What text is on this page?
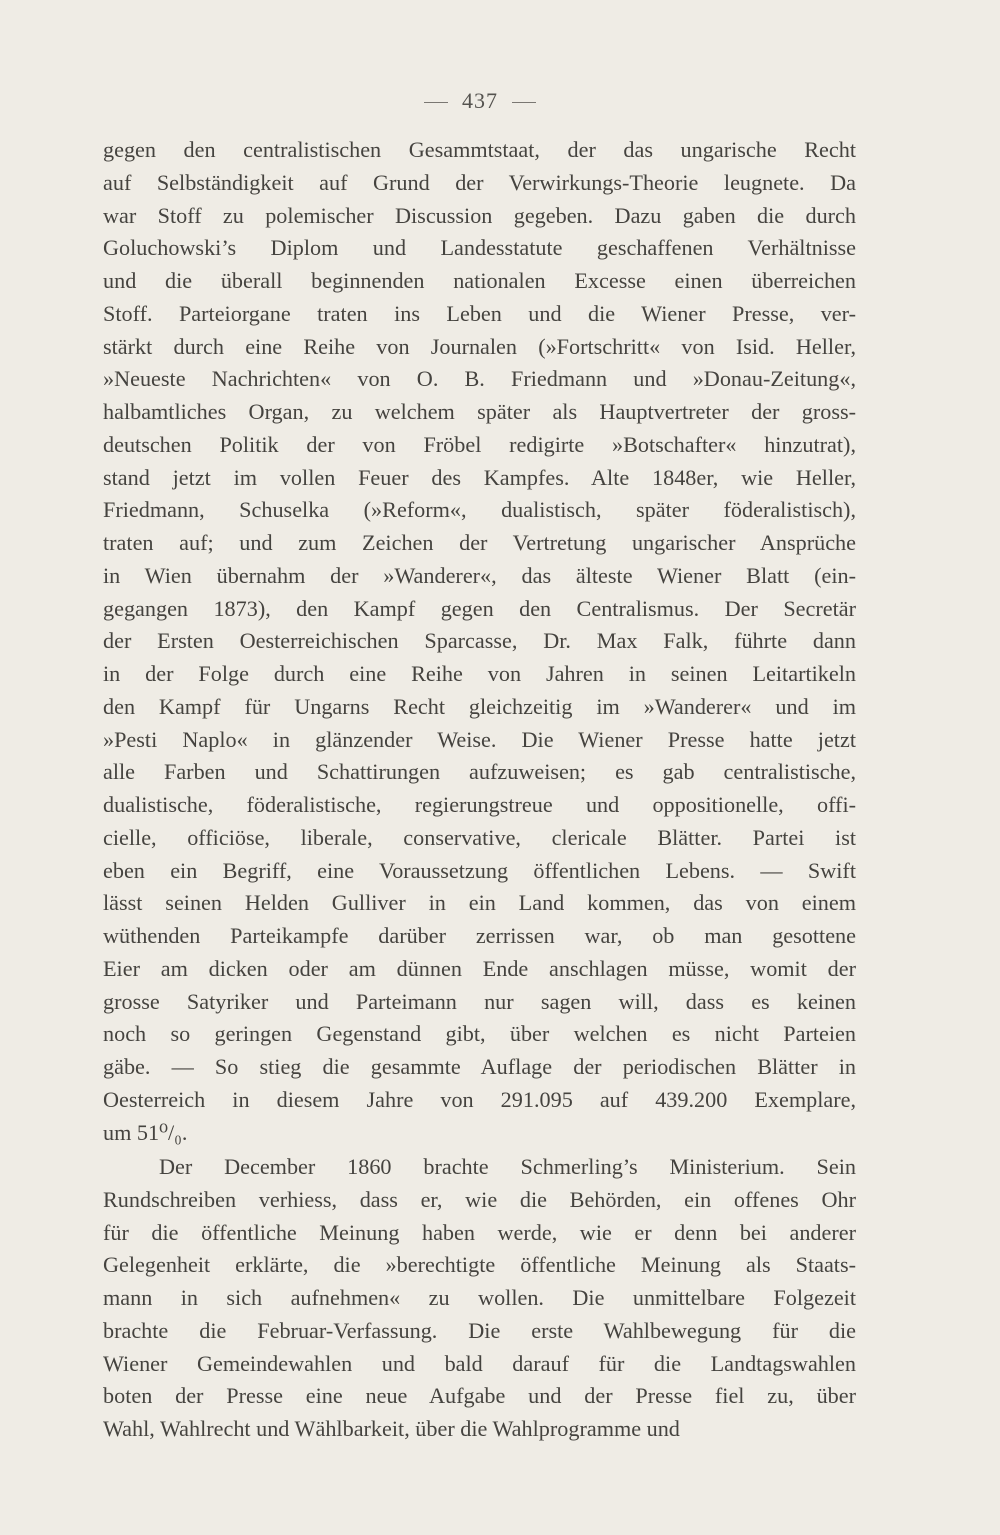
437
gegen den centralistischen Gesammtstaat, der das ungarische Recht
auf Selbständigkeit auf Grund der Verwirkungs-Theorie leugnete. Da
war Stoff zu polemischer Discussion gegeben. Dazu gaben die durch
Goluchowski’s Diplom und Landesstatute geschaffenen Verhältnisse
und die überall beginnenden nationalen Excesse einen überreichen
Stoff. Parteiorgane traten ins Leben und die Wiener Presse, ver-
stärkt durch eine Reihe von Journalen (»Fortschritt« von Isid. Heller,
»Neueste Nachrichten« von O. B. Friedmann und »Donau-Zeitung«,
halbamtliches Organ, zu welchem später als Hauptvertreter der gross-
deutschen Politik der von Fröbel redigirte »Botschafter« hinzutrat),
stand jetzt im vollen Feuer des Kampfes. Alte 1848er, wie Heller,
Friedmann, Schuselka (»Reform«, dualistisch, später föderalistisch),
traten auf; und zum Zeichen der Vertretung ungarischer Ansprüche
in Wien übernahm der »Wanderer«, das älteste Wiener Blatt (ein-
gegangen 1873), den Kampf gegen den Centralismus. Der Secretär
der Ersten Oesterreichischen Sparcasse, Dr. Max Falk, führte dann
in der Folge durch eine Reihe von Jahren in seinen Leitartikeln
den Kampf für Ungarns Recht gleichzeitig im »Wanderer« und im
»Pesti Naplo« in glänzender Weise. Die Wiener Presse hatte jetzt
alle Farben und Schattirungen aufzuweisen; es gab centralistische,
dualistische, föderalistische, regierungstreue und oppositionelle, offi-
cielle, officiöse, liberale, conservative, clericale Blätter. Partei ist
eben ein Begriff, eine Voraussetzung öffentlichen Lebens. — Swift
lässt seinen Helden Gulliver in ein Land kommen, das von einem
wüthenden Parteikampfe darüber zerrissen war, ob man gesottene
Eier am dicken oder am dünnen Ende anschlagen müsse, womit der
grosse Satyriker und Parteimann nur sagen will, dass es keinen
noch so geringen Gegenstand gibt, über welchen es nicht Parteien
gäbe. — So stieg die gesammte Auflage der periodischen Blätter in
Oesterreich in diesem Jahre von 291.095 auf 439.200 Exemplare,
um 51⁰/₀.
Der December 1860 brachte Schmerling’s Ministerium. Sein
Rundschreiben verhiess, dass er, wie die Behörden, ein offenes Ohr
für die öffentliche Meinung haben werde, wie er denn bei anderer
Gelegenheit erklärte, die »berechtigte öffentliche Meinung als Staats-
mann in sich aufnehmen« zu wollen. Die unmittelbare Folgezeit
brachte die Februar-Verfassung. Die erste Wahlbewegung für die
Wiener Gemeindewahlen und bald darauf für die Landtagswahlen
boten der Presse eine neue Aufgabe und der Presse fiel zu, über
Wahl, Wahlrecht und Wählbarkeit, über die Wahlprogramme und
